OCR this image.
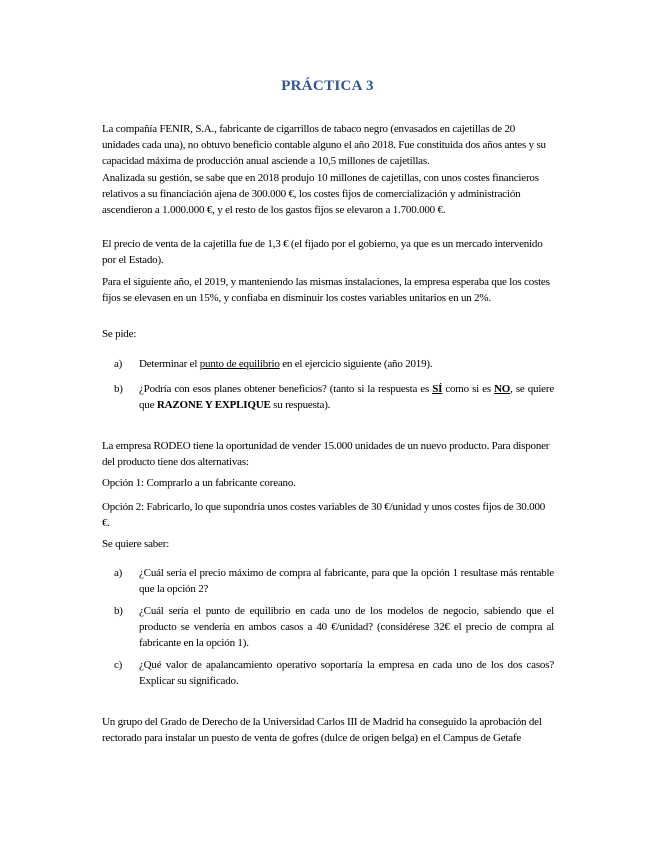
PRÁCTICA 3
La compañía FENIR, S.A., fabricante de cigarrillos de tabaco negro (envasados en cajetillas de 20 unidades cada una), no obtuvo beneficio contable alguno el año 2018. Fue constituida dos años antes y su capacidad máxima de producción anual asciende a 10,5 millones de cajetillas.
Analizada su gestión, se sabe que en 2018 produjo 10 millones de cajetillas, con unos costes financieros relativos a su financiación ajena de 300.000 €, los costes fijos de comercialización y administración ascendieron a 1.000.000 €, y el resto de los gastos fijos se elevaron a 1.700.000 €.
El precio de venta de la cajetilla fue de 1,3 € (el fijado por el gobierno, ya que es un mercado intervenido por el Estado).
Para el siguiente año, el 2019, y manteniendo las mismas instalaciones, la empresa esperaba que los costes fijos se elevasen en un 15%, y confiaba en disminuir los costes variables unitarios en un 2%.
Se pide:
a)	Determinar el punto de equilibrio en el ejercicio siguiente (año 2019).
b)	¿Podría con esos planes obtener beneficios? (tanto si la respuesta es SÍ como si es NO, se quiere que RAZONE Y EXPLIQUE su respuesta).
La empresa RODEO tiene la oportunidad de vender 15.000 unidades de un nuevo producto. Para disponer del producto tiene dos alternativas:
Opción 1: Comprarlo a un fabricante coreano.
Opción 2: Fabricarlo, lo que supondría unos costes variables de 30 €/unidad y unos costes fijos de 30.000 €.
Se quiere saber:
a)	¿Cuál sería el precio máximo de compra al fabricante, para que la opción 1 resultase más rentable que la opción 2?
b)	¿Cuál sería el punto de equilibrio en cada uno de los modelos de negocio, sabiendo que el producto se vendería en ambos casos a 40 €/unidad? (considérese 32€ el precio de compra al fabricante en la opción 1).
c)	¿Qué valor de apalancamiento operativo soportaría la empresa en cada uno de los dos casos? Explicar su significado.
Un grupo del Grado de Derecho de la Universidad Carlos III de Madrid ha conseguido la aprobación del rectorado para instalar un puesto de venta de gofres (dulce de origen belga) en el Campus de Getafe
